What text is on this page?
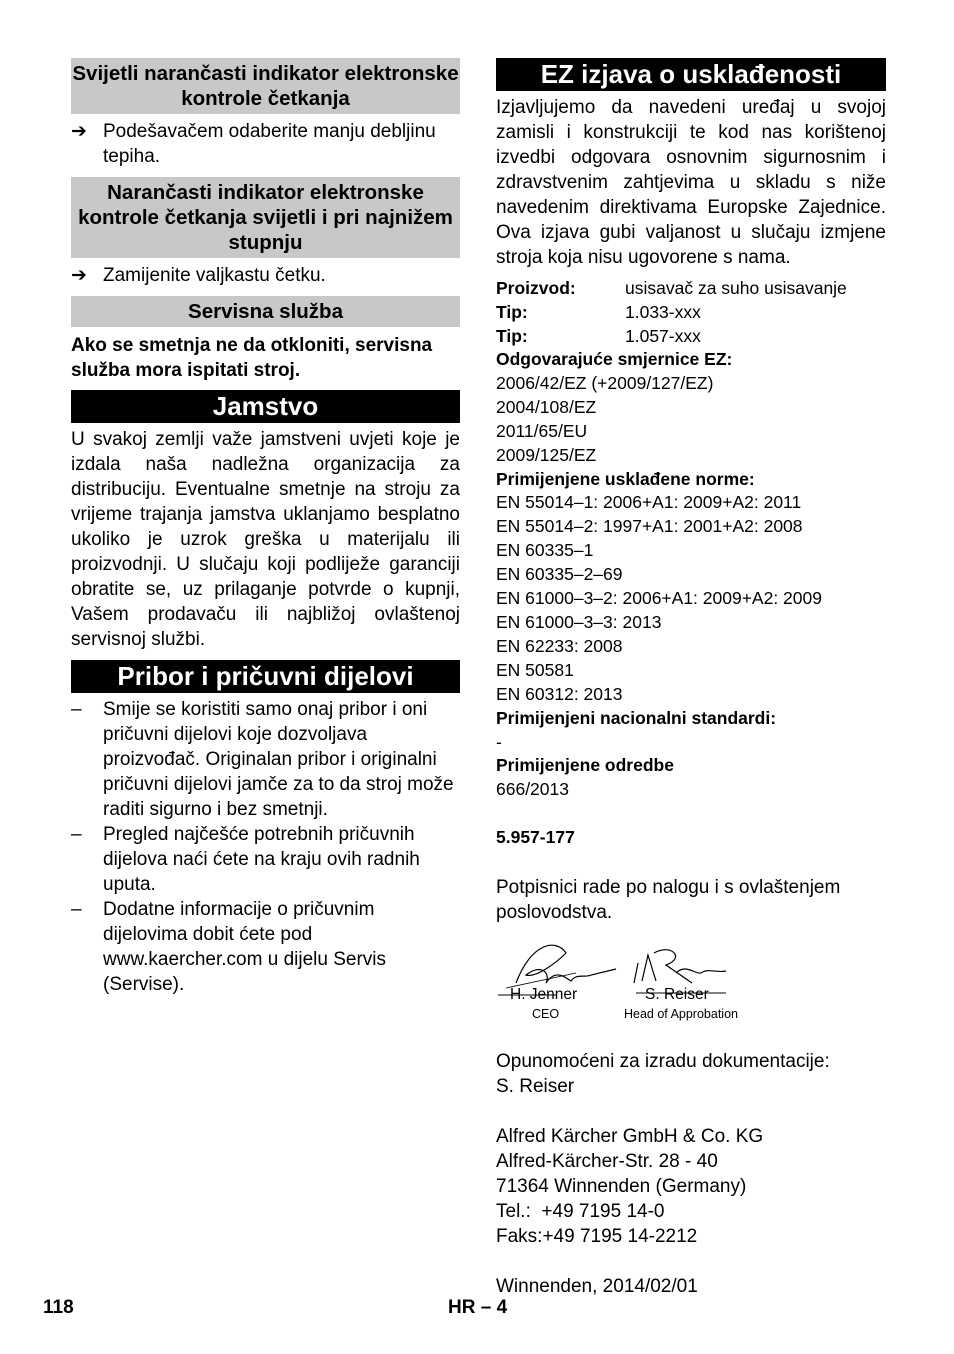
Svijetli narančasti indikator elektronske kontrole četkanja
➔ Podešavačem odaberite manju debljinu tepiha.
Narančasti indikator elektronske kontrole četkanja svijetli i pri najnižem stupnju
➔ Zamijenite valjkastu četku.
Servisna služba

Ako se smetnja ne da otkloniti, servisna služba mora ispitati stroj.

Jamstvo

U svakoj zemlji važe jamstveni uvjeti koje je izdala naša nadležna organizacija za distribuciju. Eventualne smetnje na stroju za vrijeme trajanja jamstva uklanjamo besplatno ukoliko je uzrok greška u materijalu ili proizvodnji. U slučaju koji podliježe garanciji obratite se, uz prilaganje potvrde o kupnji, Vašem prodavaču ili najbližoj ovlaštenoj servisnoj službi.

Pribor i pričuvni dijelovi
–	Smije se koristiti samo onaj pribor i oni pričuvni dijelovi koje dozvoljava proizvođač. Originalan pribor i originalni pričuvni dijelovi jamče za to da stroj može raditi sigurno i bez smetnji.
–	Pregled najčešće potrebnih pričuvnih dijelova naći ćete na kraju ovih radnih uputa.
–	Dodatne informacije o pričuvnim dijelovima dobit ćete pod www.kaercher.com u dijelu Servis (Servise).
EZ izjava o usklađenosti

Izjavljujemo da navedeni uređaj u svojoj zamisli i konstrukciji te kod nas korištenoj izvedbi odgovara osnovnim sigurnosnim i zdravstvenim zahtjevima u skladu s niže navedenim direktivama Europske Zajednice. Ova izjava gubi valjanost u slučaju izmjene stroja koja nisu ugovorene s nama.

Proizvod:	usisavač za suho usisavanje
Tip:	1.033-xxx
Tip:	1.057-xxx

Odgovarajuće smjernice EZ:

2006/42/EZ (+2009/127/EZ)

2004/108/EZ

2011/65/EU

2009/125/EZ

Primijenjene usklađene norme:

EN 55014–1: 2006+A1: 2009+A2: 2011

EN 55014–2: 1997+A1: 2001+A2: 2008

EN 60335–1

EN 60335–2–69

EN 61000–3–2: 2006+A1: 2009+A2: 2009

EN 61000–3–3: 2013

EN 62233: 2008

EN 50581

EN 60312: 2013

Primijenjeni nacionalni standardi:

-

Primijenjene odredbe

666/2013

5.957-177

Potpisnici rade po nalogu i s ovlaštenjem poslovodstva.

H. Jenner
CEO
S. Reiser
Head of Approbation

Opunomoćeni za izradu dokumentacije:

S. Reiser

Alfred Kärcher GmbH & Co. KG

Alfred-Kärcher-Str. 28 - 40

71364 Winnenden (Germany)

Tel.:  +49 7195 14-0

Faks:+49 7195 14-2212

Winnenden, 2014/02/01

118	HR – 4
